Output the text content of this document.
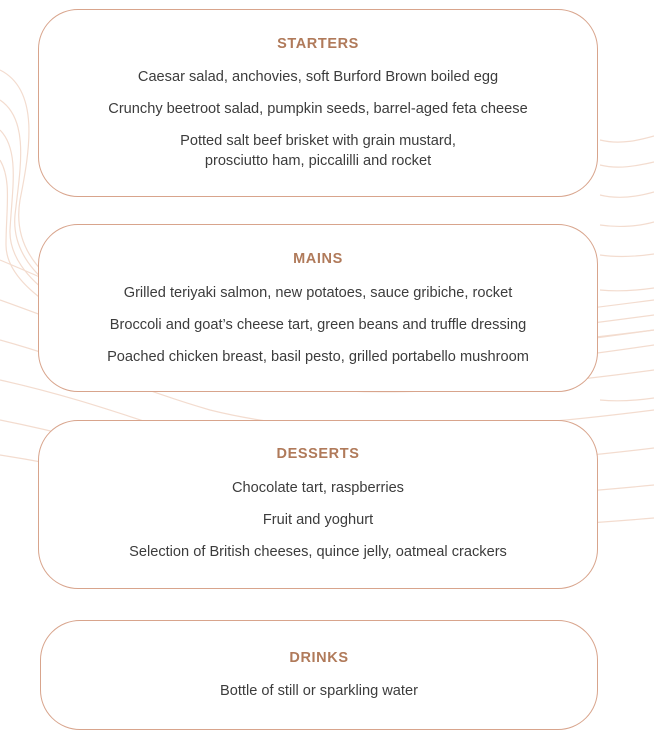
STARTERS
Caesar salad, anchovies, soft Burford Brown boiled egg
Crunchy beetroot salad, pumpkin seeds, barrel-aged feta cheese
Potted salt beef brisket with grain mustard,
prosciutto ham, piccalilli and rocket
MAINS
Grilled teriyaki salmon, new potatoes, sauce gribiche, rocket
Broccoli and goat’s cheese tart, green beans and truffle dressing
Poached chicken breast, basil pesto, grilled portabello mushroom
DESSERTS
Chocolate tart, raspberries
Fruit and yoghurt
Selection of British cheeses, quince jelly, oatmeal crackers
DRINKS
Bottle of still or sparkling water
